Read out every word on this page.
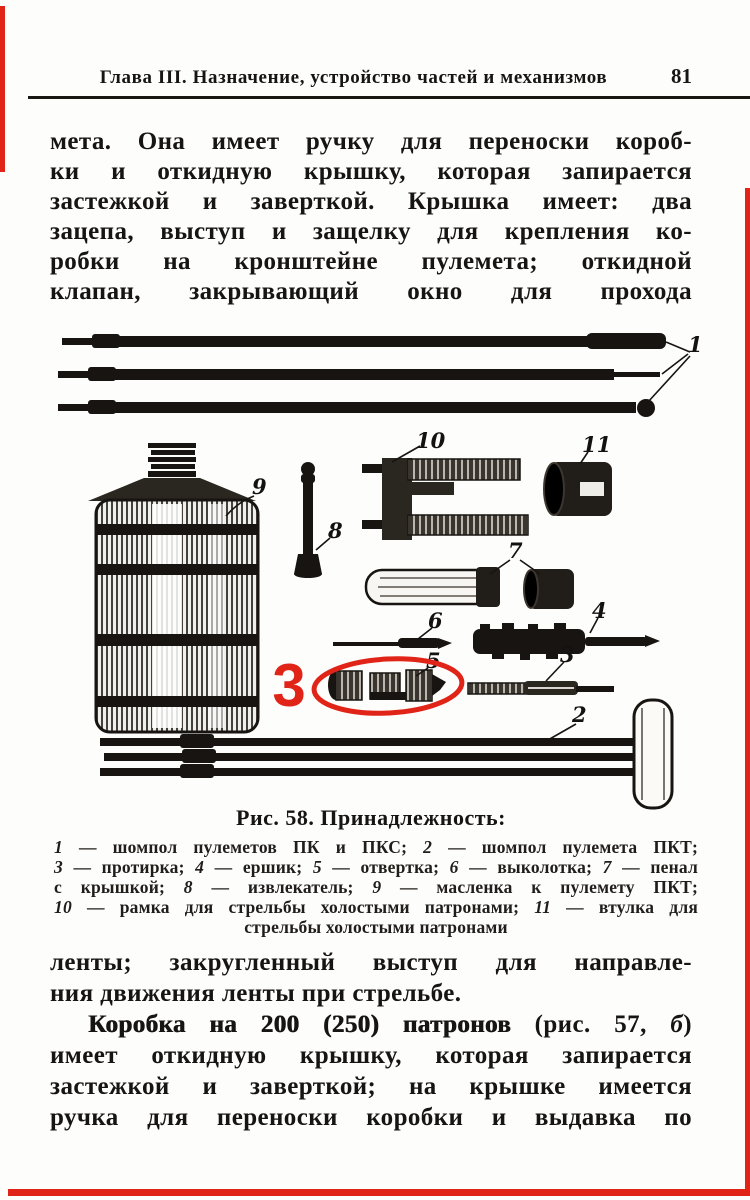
Глава III. Назначение, устройство частей и механизмов	81
мета. Она имеет ручку для переноски короб-
ки и откидную крышку, которая запирается
застежкой и заверткой. Крышка имеет: два
зацепа, выступ и защелку для крепления ко-
робки на кронштейне пулемета; откидной
клапан, закрывающий окно для прохода
1
9
8
10	11
7
6	4
5
3	3
2
Рис. 58. Принадлежность:
1 — шомпол пулеметов ПК и ПКС; 2 — шомпол пулемета ПКТ;
3 — протирка; 4 — ершик; 5 — отвертка; 6 — выколотка; 7 — пенал
с крышкой; 8 — извлекатель; 9 — масленка к пулемету ПКТ;
10 — рамка для стрельбы холостыми патронами; 11 — втулка для
стрельбы холостыми патронами
ленты; закругленный выступ для направле-
ния движения ленты при стрельбе.
Коробка на 200 (250) патронов (рис. 57, б)
имеет откидную крышку, которая запирается
застежкой и заверткой; на крышке имеется
ручка для переноски коробки и выдавка по
